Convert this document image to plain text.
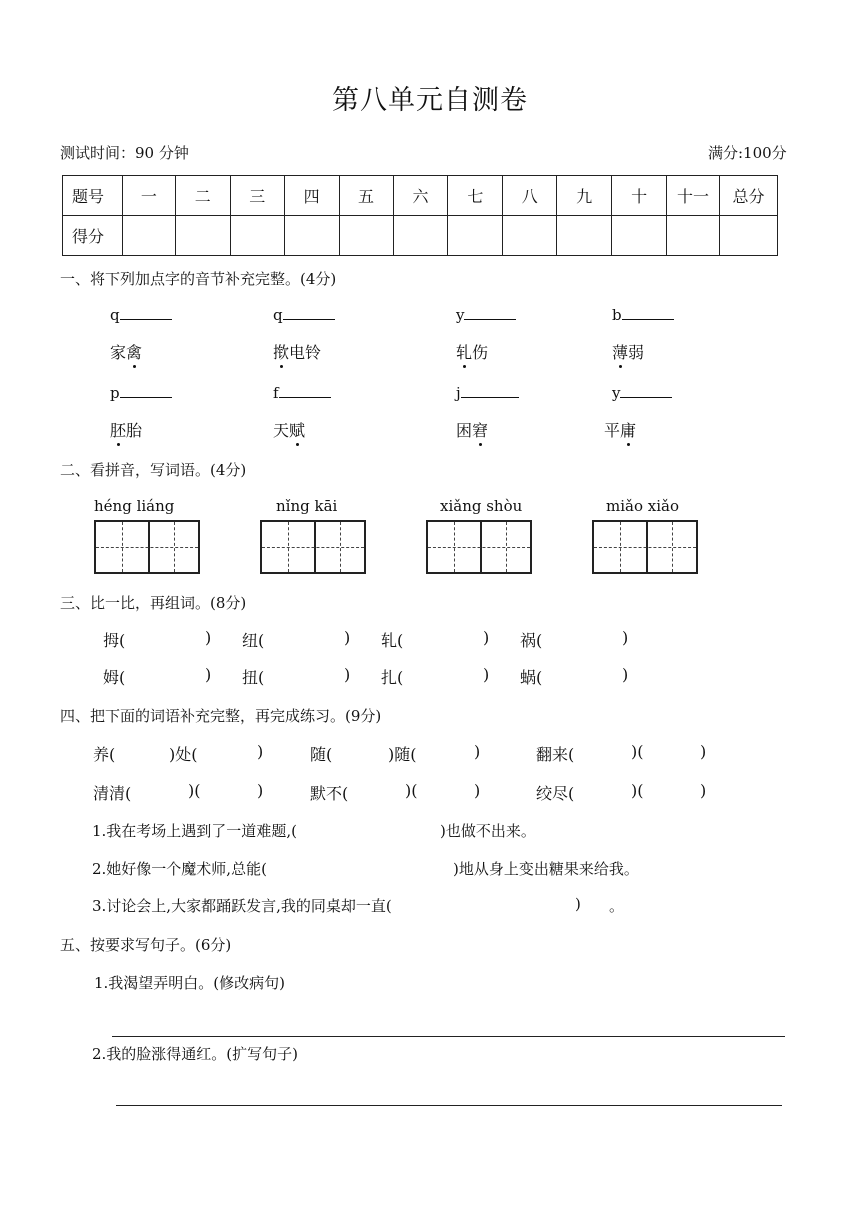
第八单元自测卷
测试时间：90 分钟	满分:100分
题号	一	二	三	四	五	六	七	八	九	十	十一	总分
得分												
一、将下列加点字的音节补充完整。(4分)
q	q	y	b
家禽	揿电铃	轧伤	薄弱
p	f	j	y
胚胎	天赋	困窘	平庸
二、看拼音，写词语。(4分)
héng liáng	nǐng kāi	xiǎng shòu	miǎo xiǎo
三、比一比，再组词。(8分)
拇(	) 纽(	) 轧(	) 祸(	)
姆(	) 扭(	) 扎(	) 蜗(	)
四、把下面的词语补充完整，再完成练习。(9分)
养(	)处(	)	随(	)随(	)	翻来(	)(	)
清清(	)(	)	默不(	)(	)	绞尽(	)(	)
1.我在考场上遇到了一道难题,(	)也做不出来。
2.她好像一个魔术师,总能(	)地从身上变出糖果来给我。
3.讨论会上,大家都踊跃发言,我的同桌却一直(	) 。
五、按要求写句子。(6分)
1.我渴望弄明白。(修改病句)
2.我的脸涨得通红。(扩写句子)
